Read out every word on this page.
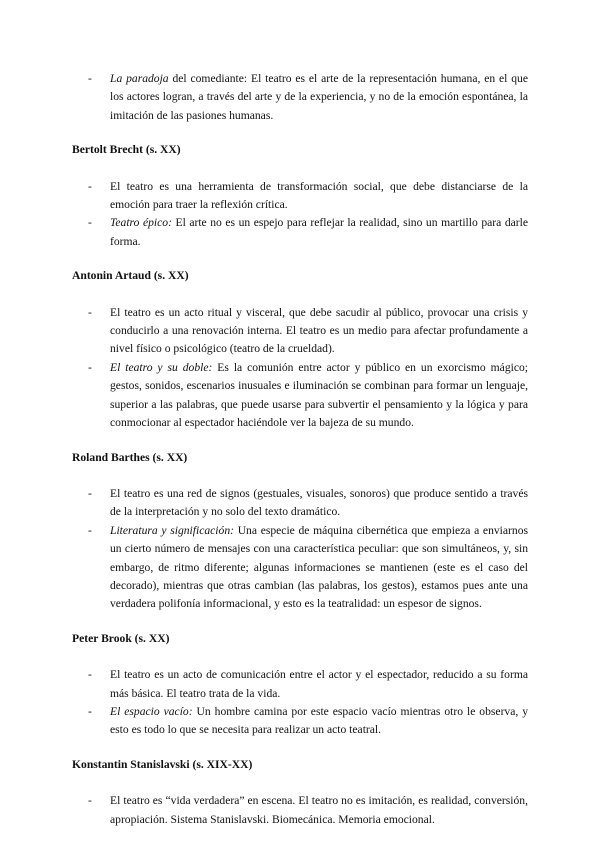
- La paradoja del comediante: El teatro es el arte de la representación humana, en el que los actores logran, a través del arte y de la experiencia, y no de la emoción espontánea, la imitación de las pasiones humanas.
Bertolt Brecht (s. XX)
- El teatro es una herramienta de transformación social, que debe distanciarse de la emoción para traer la reflexión crítica.
- Teatro épico: El arte no es un espejo para reflejar la realidad, sino un martillo para darle forma.
Antonin Artaud (s. XX)
- El teatro es un acto ritual y visceral, que debe sacudir al público, provocar una crisis y conducirlo a una renovación interna. El teatro es un medio para afectar profundamente a nivel físico o psicológico (teatro de la crueldad).
- El teatro y su doble: Es la comunión entre actor y público en un exorcismo mágico; gestos, sonidos, escenarios inusuales e iluminación se combinan para formar un lenguaje, superior a las palabras, que puede usarse para subvertir el pensamiento y la lógica y para conmocionar al espectador haciéndole ver la bajeza de su mundo.
Roland Barthes (s. XX)
- El teatro es una red de signos (gestuales, visuales, sonoros) que produce sentido a través de la interpretación y no solo del texto dramático.
- Literatura y significación: Una especie de máquina cibernética que empieza a enviarnos un cierto número de mensajes con una característica peculiar: que son simultáneos, y, sin embargo, de ritmo diferente; algunas informaciones se mantienen (este es el caso del decorado), mientras que otras cambian (las palabras, los gestos), estamos pues ante una verdadera polifonía informacional, y esto es la teatralidad: un espesor de signos.
Peter Brook (s. XX)
- El teatro es un acto de comunicación entre el actor y el espectador, reducido a su forma más básica. El teatro trata de la vida.
- El espacio vacío: Un hombre camina por este espacio vacío mientras otro le observa, y esto es todo lo que se necesita para realizar un acto teatral.
Konstantin Stanislavski (s. XIX-XX)
- El teatro es “vida verdadera” en escena. El teatro no es imitación, es realidad, conversión, apropiación. Sistema Stanislavski. Biomecánica. Memoria emocional.
